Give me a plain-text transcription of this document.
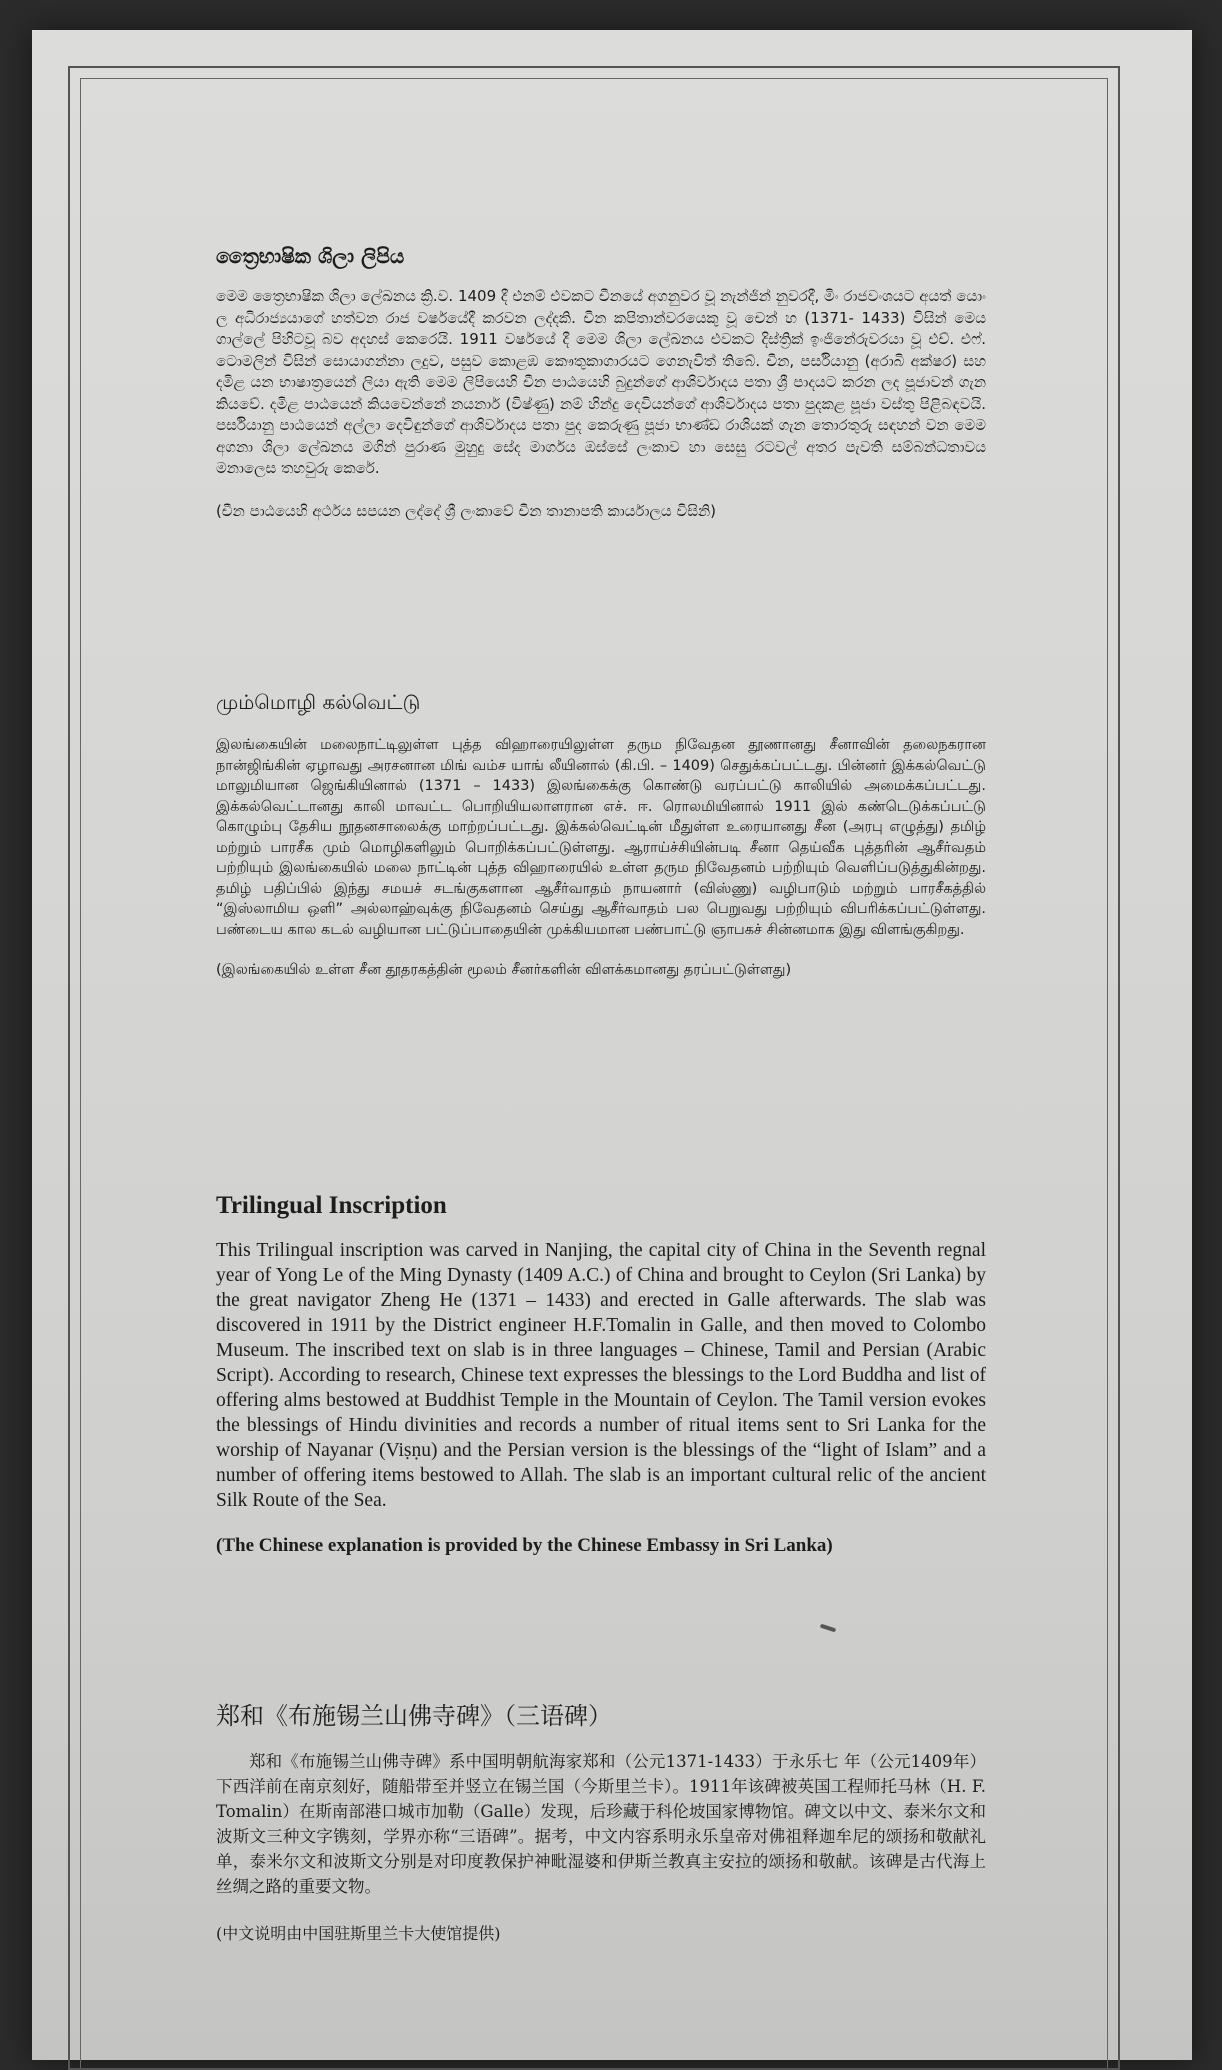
ත්‍රෛභාෂික ශිලා ලිපිය

මෙම ත්‍රෛභාෂික ශිලා ලේඛනය ක්‍රි.ව. 1409 දී එනම් එවකට චීනයේ අගනුවර වූ නැන්ජින් නුවරදී, මිං රාජවංශයට අයත් යොං ල අධිරාජ්‍යයාගේ හත්වන රාජ වර්ෂයේදී කරවන ලද්දකි. චීන කපිතාන්වරයෙකු වූ චෙන් හ (1371- 1433) විසින් මෙය ගාල්ලේ පිහිටවූ බව අදහස් කෙරෙයි. 1911 වර්ෂයේ දී මෙම ශිලා ලේඛනය එවකට දිස්ත්‍රික් ඉංජිනේරුවරයා වූ එච්. එෆ්. ටොමලින් විසින් සොයාගන්නා ලදුව, පසුව කොළඹ කෞතුකාගාරයට ගෙනැවිත් තිබේ. චීන, පර්සියානු (අරාබි අක්ෂර) සහ දමිළ යන භාෂාත්‍රයෙන් ලියා ඇති මෙම ලිපියෙහි චීන පාඨයෙහි බුදුන්ගේ ආශිර්වාදය පතා ශ්‍රී පාදයට කරන ලද පූජාවන් ගැන කියවේ. දමිළ පාඨයෙන් කියවෙන්නේ නයනාර් (විෂ්ණු) නම් හින්දු දෙවියන්ගේ ආශිර්වාදය පතා පුදකළ පූජා වස්තු පිළිබඳවයි. පර්සියානු පාඨයෙන් අල්ලා දෙවිඳුන්ගේ ආශිර්වාදය පතා පුද කෙරුණු පූජා භාණ්ඩ රාශියක් ගැන තොරතුරු සඳහන් වන මෙම අගනා ශිලා ලේඛනය මගින් පුරාණ මුහුදු සේද මාර්ගය ඔස්සේ ලංකාව හා සෙසු රටවල් අතර පැවති සම්බන්ධතාවය මනාලෙස තහවුරු කෙරේ.

(චීන පාඨයෙහි අර්ථය සපයන ලද්දේ ශ්‍රී ලංකාවේ චීන තානාපති කාර්යාලය විසිනි)

மும்மொழி கல்வெட்டு

இலங்கையின் மலைநாட்டிலுள்ள புத்த விஹாரையிலுள்ள தரும நிவேதன தூணானது சீனாவின் தலைநகரான நான்ஜிங்கின் ஏழாவது அரசனான மிங் வம்ச யாங் லீயினால் (கி.பி. – 1409) செதுக்கப்பட்டது. பின்னர் இக்கல்வெட்டு மாலுமியான ஜெங்கியினால் (1371 – 1433) இலங்கைக்கு கொண்டு வரப்பட்டு காலியில் அமைக்கப்பட்டது. இக்கல்வெட்டானது காலி மாவட்ட பொறியியலாளரான எச். ஈ. ரொலமியினால் 1911 இல் கண்டெடுக்கப்பட்டு கொழும்பு தேசிய நூதனசாலைக்கு மாற்றப்பட்டது. இக்கல்வெட்டின் மீதுள்ள உரையானது சீன (அரபு எழுத்து) தமிழ் மற்றும் பாரசீக மும் மொழிகளிலும் பொறிக்கப்பட்டுள்ளது. ஆராய்ச்சியின்படி சீனா தெய்வீக புத்தரின் ஆசீர்வதம் பற்றியும் இலங்கையில் மலை நாட்டின் புத்த விஹாரையில் உள்ள தரும நிவேதனம் பற்றியும் வெளிப்படுத்துகின்றது. தமிழ் பதிப்பில் இந்து சமயச் சடங்குகளான ஆசீர்வாதம் நாயனார் (விஸ்ணு) வழிபாடும் மற்றும் பாரசீகத்தில் “இஸ்லாமிய ஒளி” அல்லாஹ்வுக்கு நிவேதனம் செய்து ஆசீர்வாதம் பல பெறுவது பற்றியும் விபரிக்கப்பட்டுள்ளது. பண்டைய கால கடல் வழியான பட்டுப்பாதையின் முக்கியமான பண்பாட்டு ஞாபகச் சின்னமாக இது விளங்குகிறது.

(இலங்கையில் உள்ள சீன தூதரகத்தின் மூலம் சீனர்களின் விளக்கமானது தரப்பட்டுள்ளது)

Trilingual Inscription

This Trilingual inscription was carved in Nanjing, the capital city of China in the Seventh regnal year of Yong Le of the Ming Dynasty (1409 A.C.) of China and brought to Ceylon (Sri Lanka) by the great navigator Zheng He (1371 – 1433) and erected in Galle afterwards. The slab was discovered in 1911 by the District engineer H.F.Tomalin in Galle, and then moved to Colombo Museum. The inscribed text on slab is in three languages – Chinese, Tamil and Persian (Arabic Script). According to research, Chinese text expresses the blessings to the Lord Buddha and list of offering alms bestowed at Buddhist Temple in the Mountain of Ceylon. The Tamil version evokes the blessings of Hindu divinities and records a number of ritual items sent to Sri Lanka for the worship of Nayanar (Viṣṇu) and the Persian version is the blessings of the “light of Islam” and a number of offering items bestowed to Allah. The slab is an important cultural relic of the ancient Silk Route of the Sea.

(The Chinese explanation is provided by the Chinese Embassy in Sri Lanka)

郑和《布施锡兰山佛寺碑》（三语碑）

郑和《布施锡兰山佛寺碑》系中国明朝航海家郑和（公元1371-1433）于永乐七 年（公元1409年）下西洋前在南京刻好，随船带至并竖立在锡兰国（今斯里兰卡）。1911年该碑被英国工程师托马林（H. F. Tomalin）在斯南部港口城市加勒（Galle）发现，后珍藏于科伦坡国家博物馆。碑文以中文、泰米尔文和波斯文三种文字镌刻，学界亦称“三语碑”。据考，中文内容系明永乐皇帝对佛祖释迦牟尼的颂扬和敬献礼单，泰米尔文和波斯文分别是对印度教保护神毗湿婆和伊斯兰教真主安拉的颂扬和敬献。该碑是古代海上丝绸之路的重要文物。

(中文说明由中国驻斯里兰卡大使馆提供)
